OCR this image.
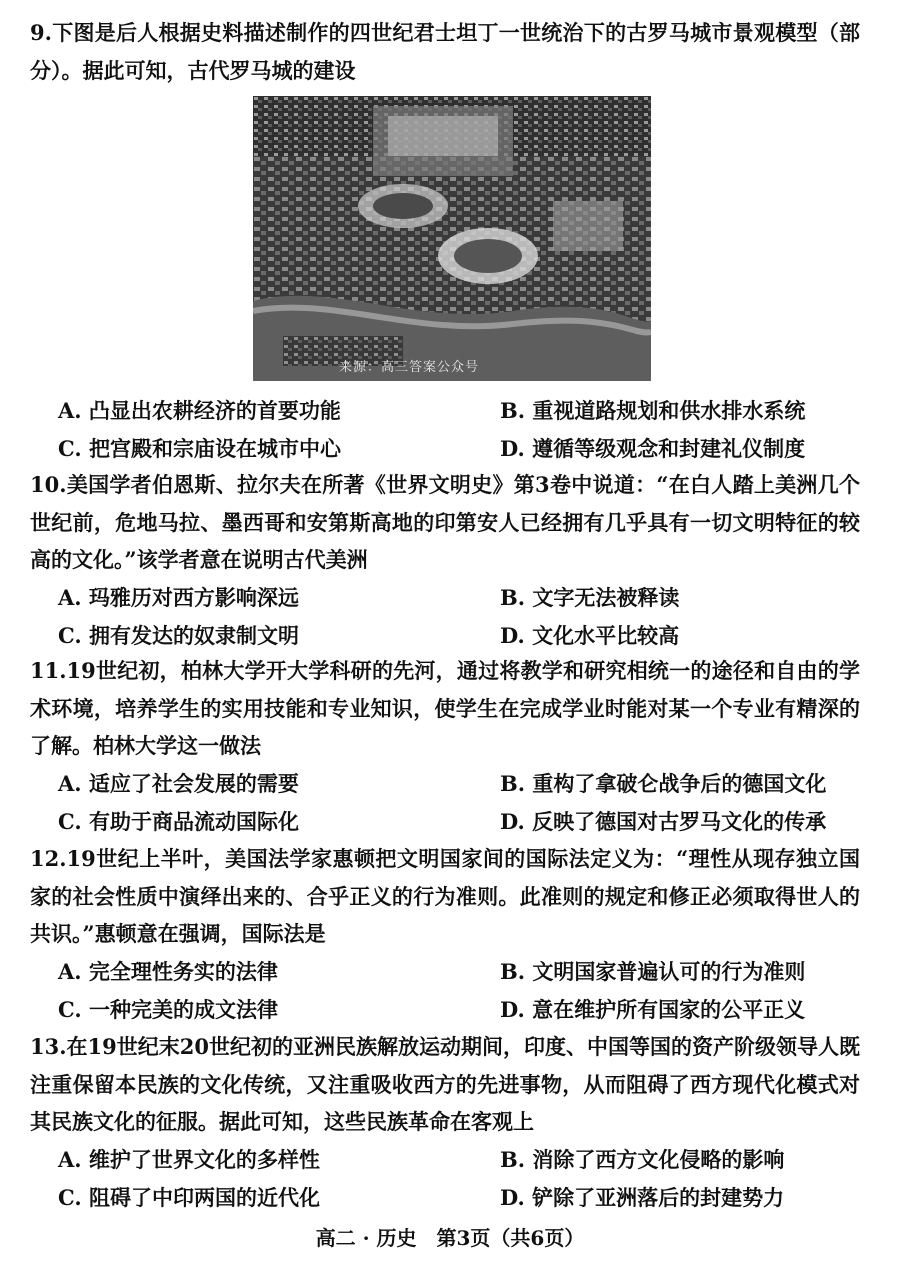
9.下图是后人根据史料描述制作的四世纪君士坦丁一世统治下的古罗马城市景观模型（部分）。据此可知，古代罗马城的建设

来源：高三答案公众号
A. 凸显出农耕经济的首要功能	B. 重视道路规划和供水排水系统
C. 把宫殿和宗庙设在城市中心	D. 遵循等级观念和封建礼仪制度

10.美国学者伯恩斯、拉尔夫在所著《世界文明史》第3卷中说道：“在白人踏上美洲几个世纪前，危地马拉、墨西哥和安第斯高地的印第安人已经拥有几乎具有一切文明特征的较高的文化。”该学者意在说明古代美洲

A. 玛雅历对西方影响深远	B. 文字无法被释读
C. 拥有发达的奴隶制文明	D. 文化水平比较高

11.19世纪初，柏林大学开大学科研的先河，通过将教学和研究相统一的途径和自由的学术环境，培养学生的实用技能和专业知识，使学生在完成学业时能对某一个专业有精深的了解。柏林大学这一做法

A. 适应了社会发展的需要	B. 重构了拿破仑战争后的德国文化
C. 有助于商品流动国际化	D. 反映了德国对古罗马文化的传承

12.19世纪上半叶，美国法学家惠顿把文明国家间的国际法定义为：“理性从现存独立国家的社会性质中演绎出来的、合乎正义的行为准则。此准则的规定和修正必须取得世人的共识。”惠顿意在强调，国际法是

A. 完全理性务实的法律	B. 文明国家普遍认可的行为准则
C. 一种完美的成文法律	D. 意在维护所有国家的公平正义

13.在19世纪末20世纪初的亚洲民族解放运动期间，印度、中国等国的资产阶级领导人既注重保留本民族的文化传统，又注重吸收西方的先进事物，从而阻碍了西方现代化模式对其民族文化的征服。据此可知，这些民族革命在客观上

A. 维护了世界文化的多样性	B. 消除了西方文化侵略的影响
C. 阻碍了中印两国的近代化	D. 铲除了亚洲落后的封建势力
高二 · 历史　第3页（共6页）
